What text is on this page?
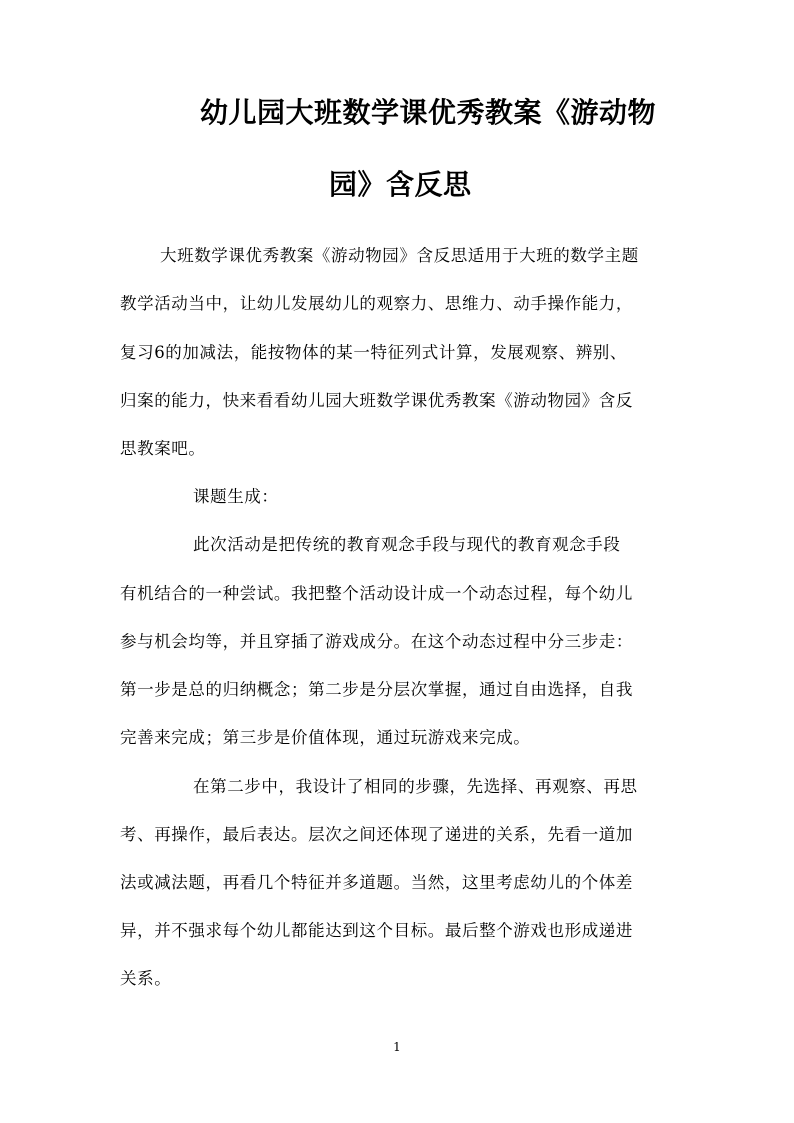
幼儿园大班数学课优秀教案《游动物
园》含反思
大班数学课优秀教案《游动物园》含反思适用于大班的数学主题
教学活动当中，让幼儿发展幼儿的观察力、思维力、动手操作能力，
复习6的加减法，能按物体的某一特征列式计算，发展观察、辨别、
归案的能力，快来看看幼儿园大班数学课优秀教案《游动物园》含反
思教案吧。
课题生成：
此次活动是把传统的教育观念手段与现代的教育观念手段
有机结合的一种尝试。我把整个活动设计成一个动态过程，每个幼儿
参与机会均等，并且穿插了游戏成分。在这个动态过程中分三步走：
第一步是总的归纳概念；第二步是分层次掌握，通过自由选择，自我
完善来完成；第三步是价值体现，通过玩游戏来完成。
在第二步中，我设计了相同的步骤，先选择、再观察、再思
考、再操作，最后表达。层次之间还体现了递进的关系，先看一道加
法或减法题，再看几个特征并多道题。当然，这里考虑幼儿的个体差
异，并不强求每个幼儿都能达到这个目标。最后整个游戏也形成递进
关系。
1
